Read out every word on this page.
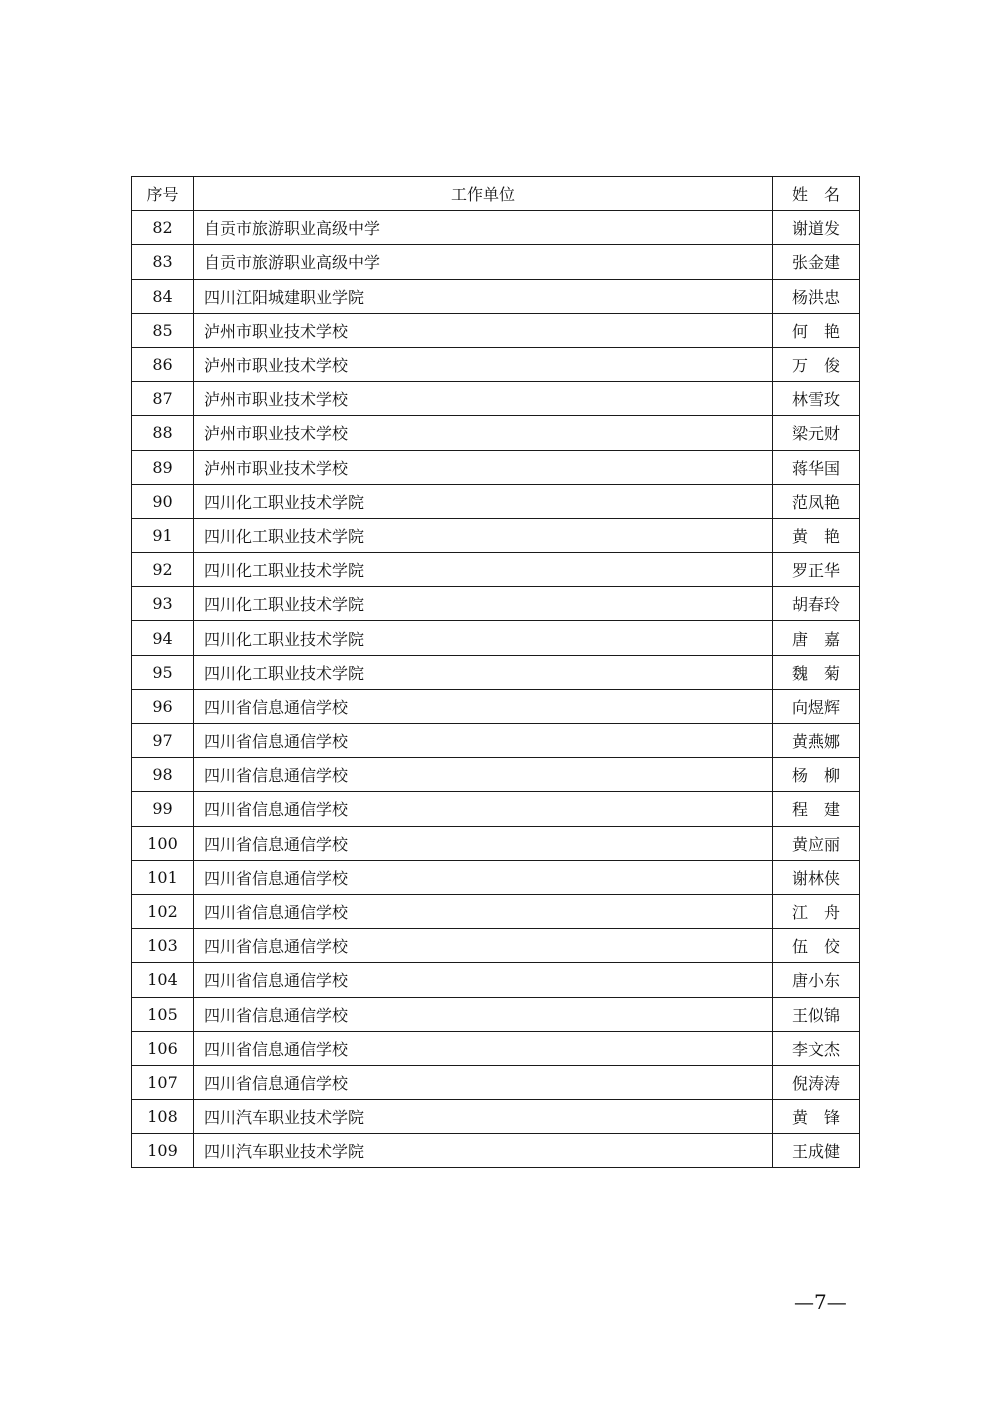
序号	工作单位	姓　名
82	自贡市旅游职业高级中学	谢道发
83	自贡市旅游职业高级中学	张金建
84	四川江阳城建职业学院	杨洪忠
85	泸州市职业技术学校	何　艳
86	泸州市职业技术学校	万　俊
87	泸州市职业技术学校	林雪玫
88	泸州市职业技术学校	梁元财
89	泸州市职业技术学校	蒋华国
90	四川化工职业技术学院	范凤艳
91	四川化工职业技术学院	黄　艳
92	四川化工职业技术学院	罗正华
93	四川化工职业技术学院	胡春玲
94	四川化工职业技术学院	唐　嘉
95	四川化工职业技术学院	魏　菊
96	四川省信息通信学校	向煜辉
97	四川省信息通信学校	黄燕娜
98	四川省信息通信学校	杨　柳
99	四川省信息通信学校	程　建
100	四川省信息通信学校	黄应丽
101	四川省信息通信学校	谢林侠
102	四川省信息通信学校	江　舟
103	四川省信息通信学校	伍　佼
104	四川省信息通信学校	唐小东
105	四川省信息通信学校	王似锦
106	四川省信息通信学校	李文杰
107	四川省信息通信学校	倪涛涛
108	四川汽车职业技术学院	黄　锋
109	四川汽车职业技术学院	王成健
—7—
